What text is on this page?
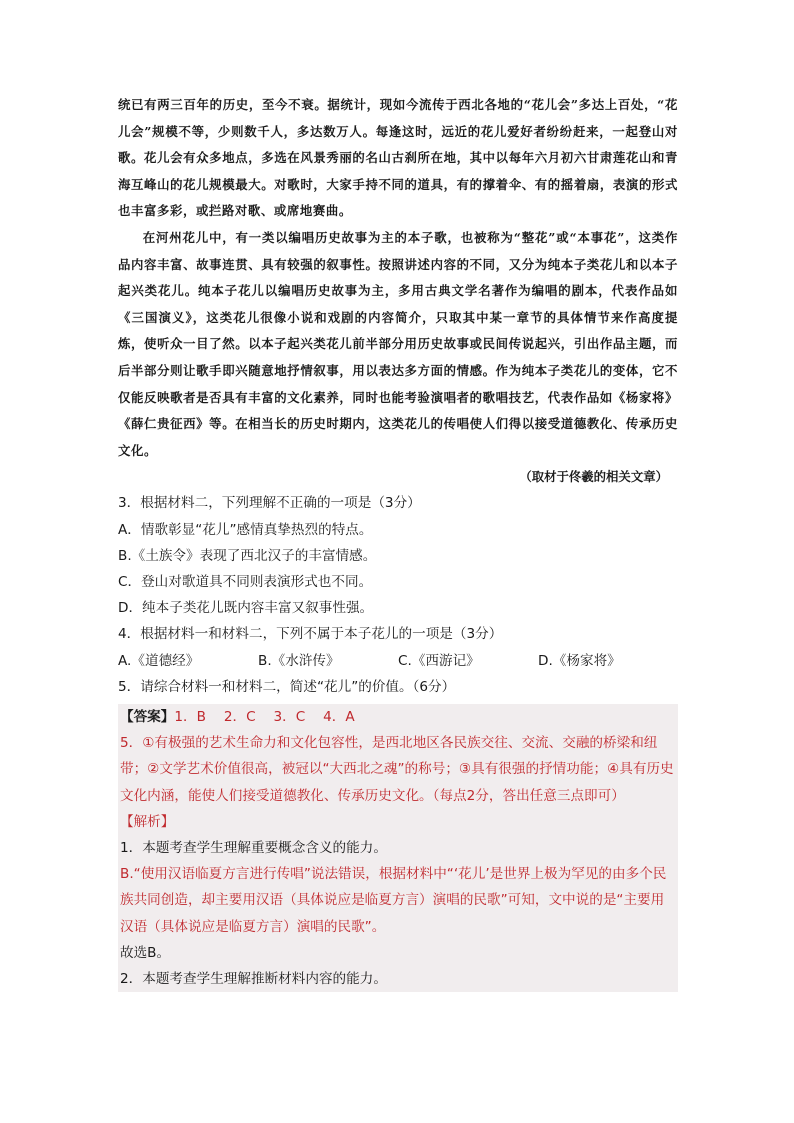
统已有两三百年的历史，至今不衰。据统计，现如今流传于西北各地的“花儿会”多达上百处，“花儿会”规模不等，少则数千人，多达数万人。每逢这时，远近的花儿爱好者纷纷赶来，一起登山对歌。花儿会有众多地点，多选在风景秀丽的名山古刹所在地，其中以每年六月初六甘肃莲花山和青海互峰山的花儿规模最大。对歌时，大家手持不同的道具，有的撑着伞、有的摇着扇，表演的形式也丰富多彩，或拦路对歌、或席地赛曲。

在河州花儿中，有一类以编唱历史故事为主的本子歌，也被称为“整花”或“本事花”，这类作品内容丰富、故事连贯、具有较强的叙事性。按照讲述内容的不同，又分为纯本子类花儿和以本子起兴类花儿。纯本子花儿以编唱历史故事为主，多用古典文学名著作为编唱的剧本，代表作品如《三国演义》，这类花儿很像小说和戏剧的内容简介，只取其中某一章节的具体情节来作高度提炼，使听众一目了然。以本子起兴类花儿前半部分用历史故事或民间传说起兴，引出作品主题，而后半部分则让歌手即兴随意地抒情叙事，用以表达多方面的情感。作为纯本子类花儿的变体，它不仅能反映歌者是否具有丰富的文化素养，同时也能考验演唱者的歌唱技艺，代表作品如《杨家将》《薛仁贵征西》等。在相当长的历史时期内，这类花儿的传唱使人们得以接受道德教化、传承历史文化。

（取材于佟羲的相关文章）

3．根据材料二，下列理解不正确的一项是（3分）

A．情歌彰显“花儿”感情真挚热烈的特点。

B.《土族令》表现了西北汉子的丰富情感。

C．登山对歌道具不同则表演形式也不同。

D．纯本子类花儿既内容丰富又叙事性强。

4．根据材料一和材料二，下列不属于本子花儿的一项是（3分）

A.《道德经》	B.《水浒传》	C.《西游记》	D.《杨家将》

5．请综合材料一和材料二，简述“花儿”的价值。（6分）

【答案】1．B　 2．C　 3．C　 4．A

5．①有极强的艺术生命力和文化包容性，是西北地区各民族交往、交流、交融的桥梁和纽带；②文学艺术价值很高，被冠以“大西北之魂”的称号；③具有很强的抒情功能；④具有历史文化内涵，能使人们接受道德教化、传承历史文化。（每点2分，答出任意三点即可）

【解析】

1．本题考查学生理解重要概念含义的能力。

B.“使用汉语临夏方言进行传唱”说法错误，根据材料中“‘花儿’是世界上极为罕见的由多个民族共同创造，却主要用汉语（具体说应是临夏方言）演唱的民歌”可知，文中说的是“主要用汉语（具体说应是临夏方言）演唱的民歌”。

故选B。

2．本题考查学生理解推断材料内容的能力。
